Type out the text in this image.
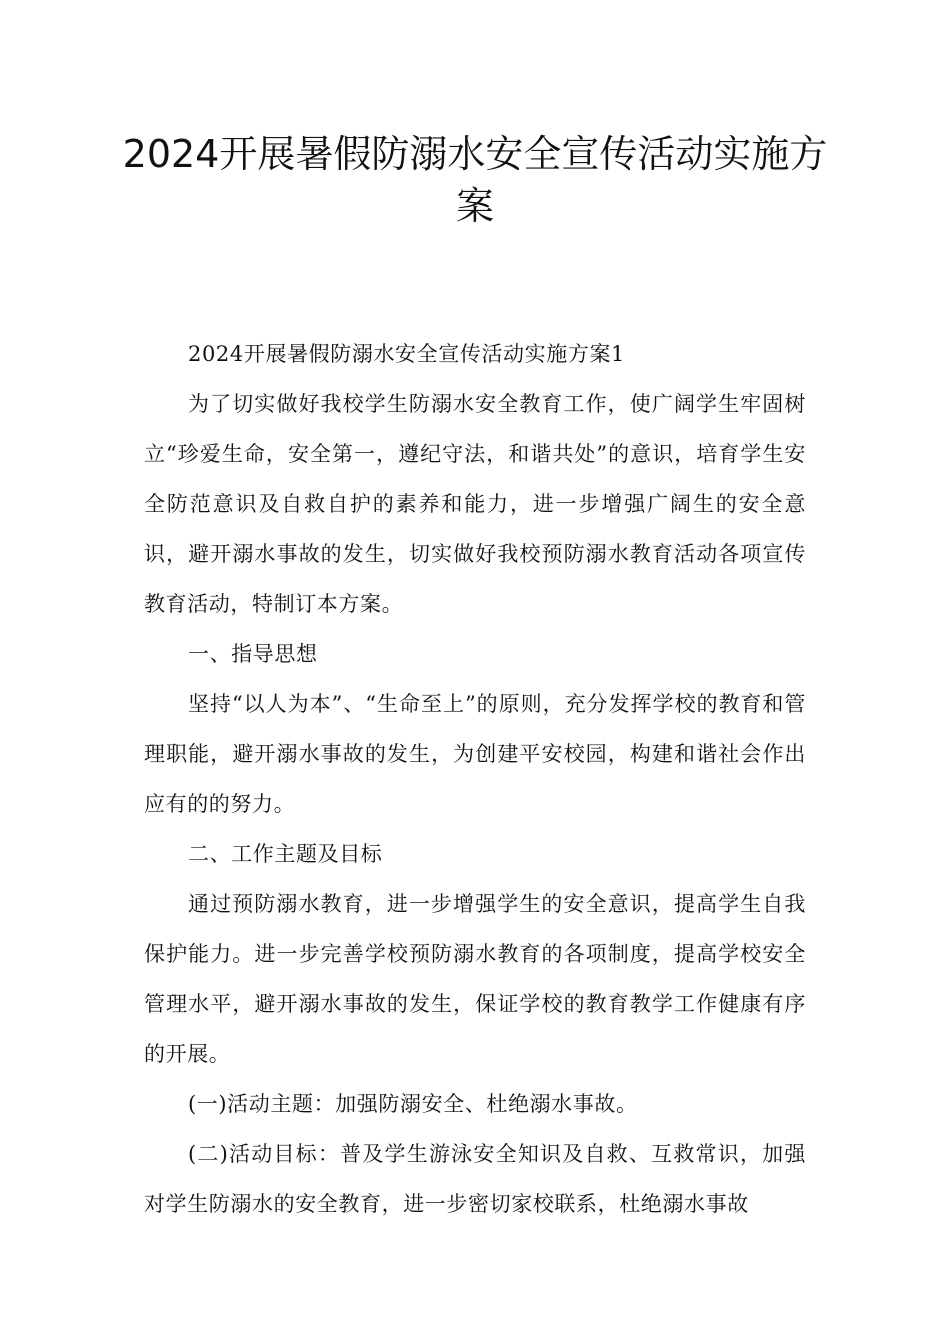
2024开展暑假防溺水安全宣传活动实施方案

2024开展暑假防溺水安全宣传活动实施方案1

为了切实做好我校学生防溺水安全教育工作，使广阔学生牢固树立“珍爱生命，安全第一，遵纪守法，和谐共处”的意识，培育学生安全防范意识及自救自护的素养和能力，进一步增强广阔生的安全意识，避开溺水事故的发生，切实做好我校预防溺水教育活动各项宣传教育活动，特制订本方案。

一、指导思想

坚持“以人为本”、“生命至上”的原则，充分发挥学校的教育和管理职能，避开溺水事故的发生，为创建平安校园，构建和谐社会作出应有的的努力。

二、工作主题及目标

通过预防溺水教育，进一步增强学生的安全意识，提高学生自我保护能力。进一步完善学校预防溺水教育的各项制度，提高学校安全管理水平，避开溺水事故的发生，保证学校的教育教学工作健康有序的开展。

(一)活动主题：加强防溺安全、杜绝溺水事故。

(二)活动目标：普及学生游泳安全知识及自救、互救常识，加强对学生防溺水的安全教育，进一步密切家校联系，杜绝溺水事故
